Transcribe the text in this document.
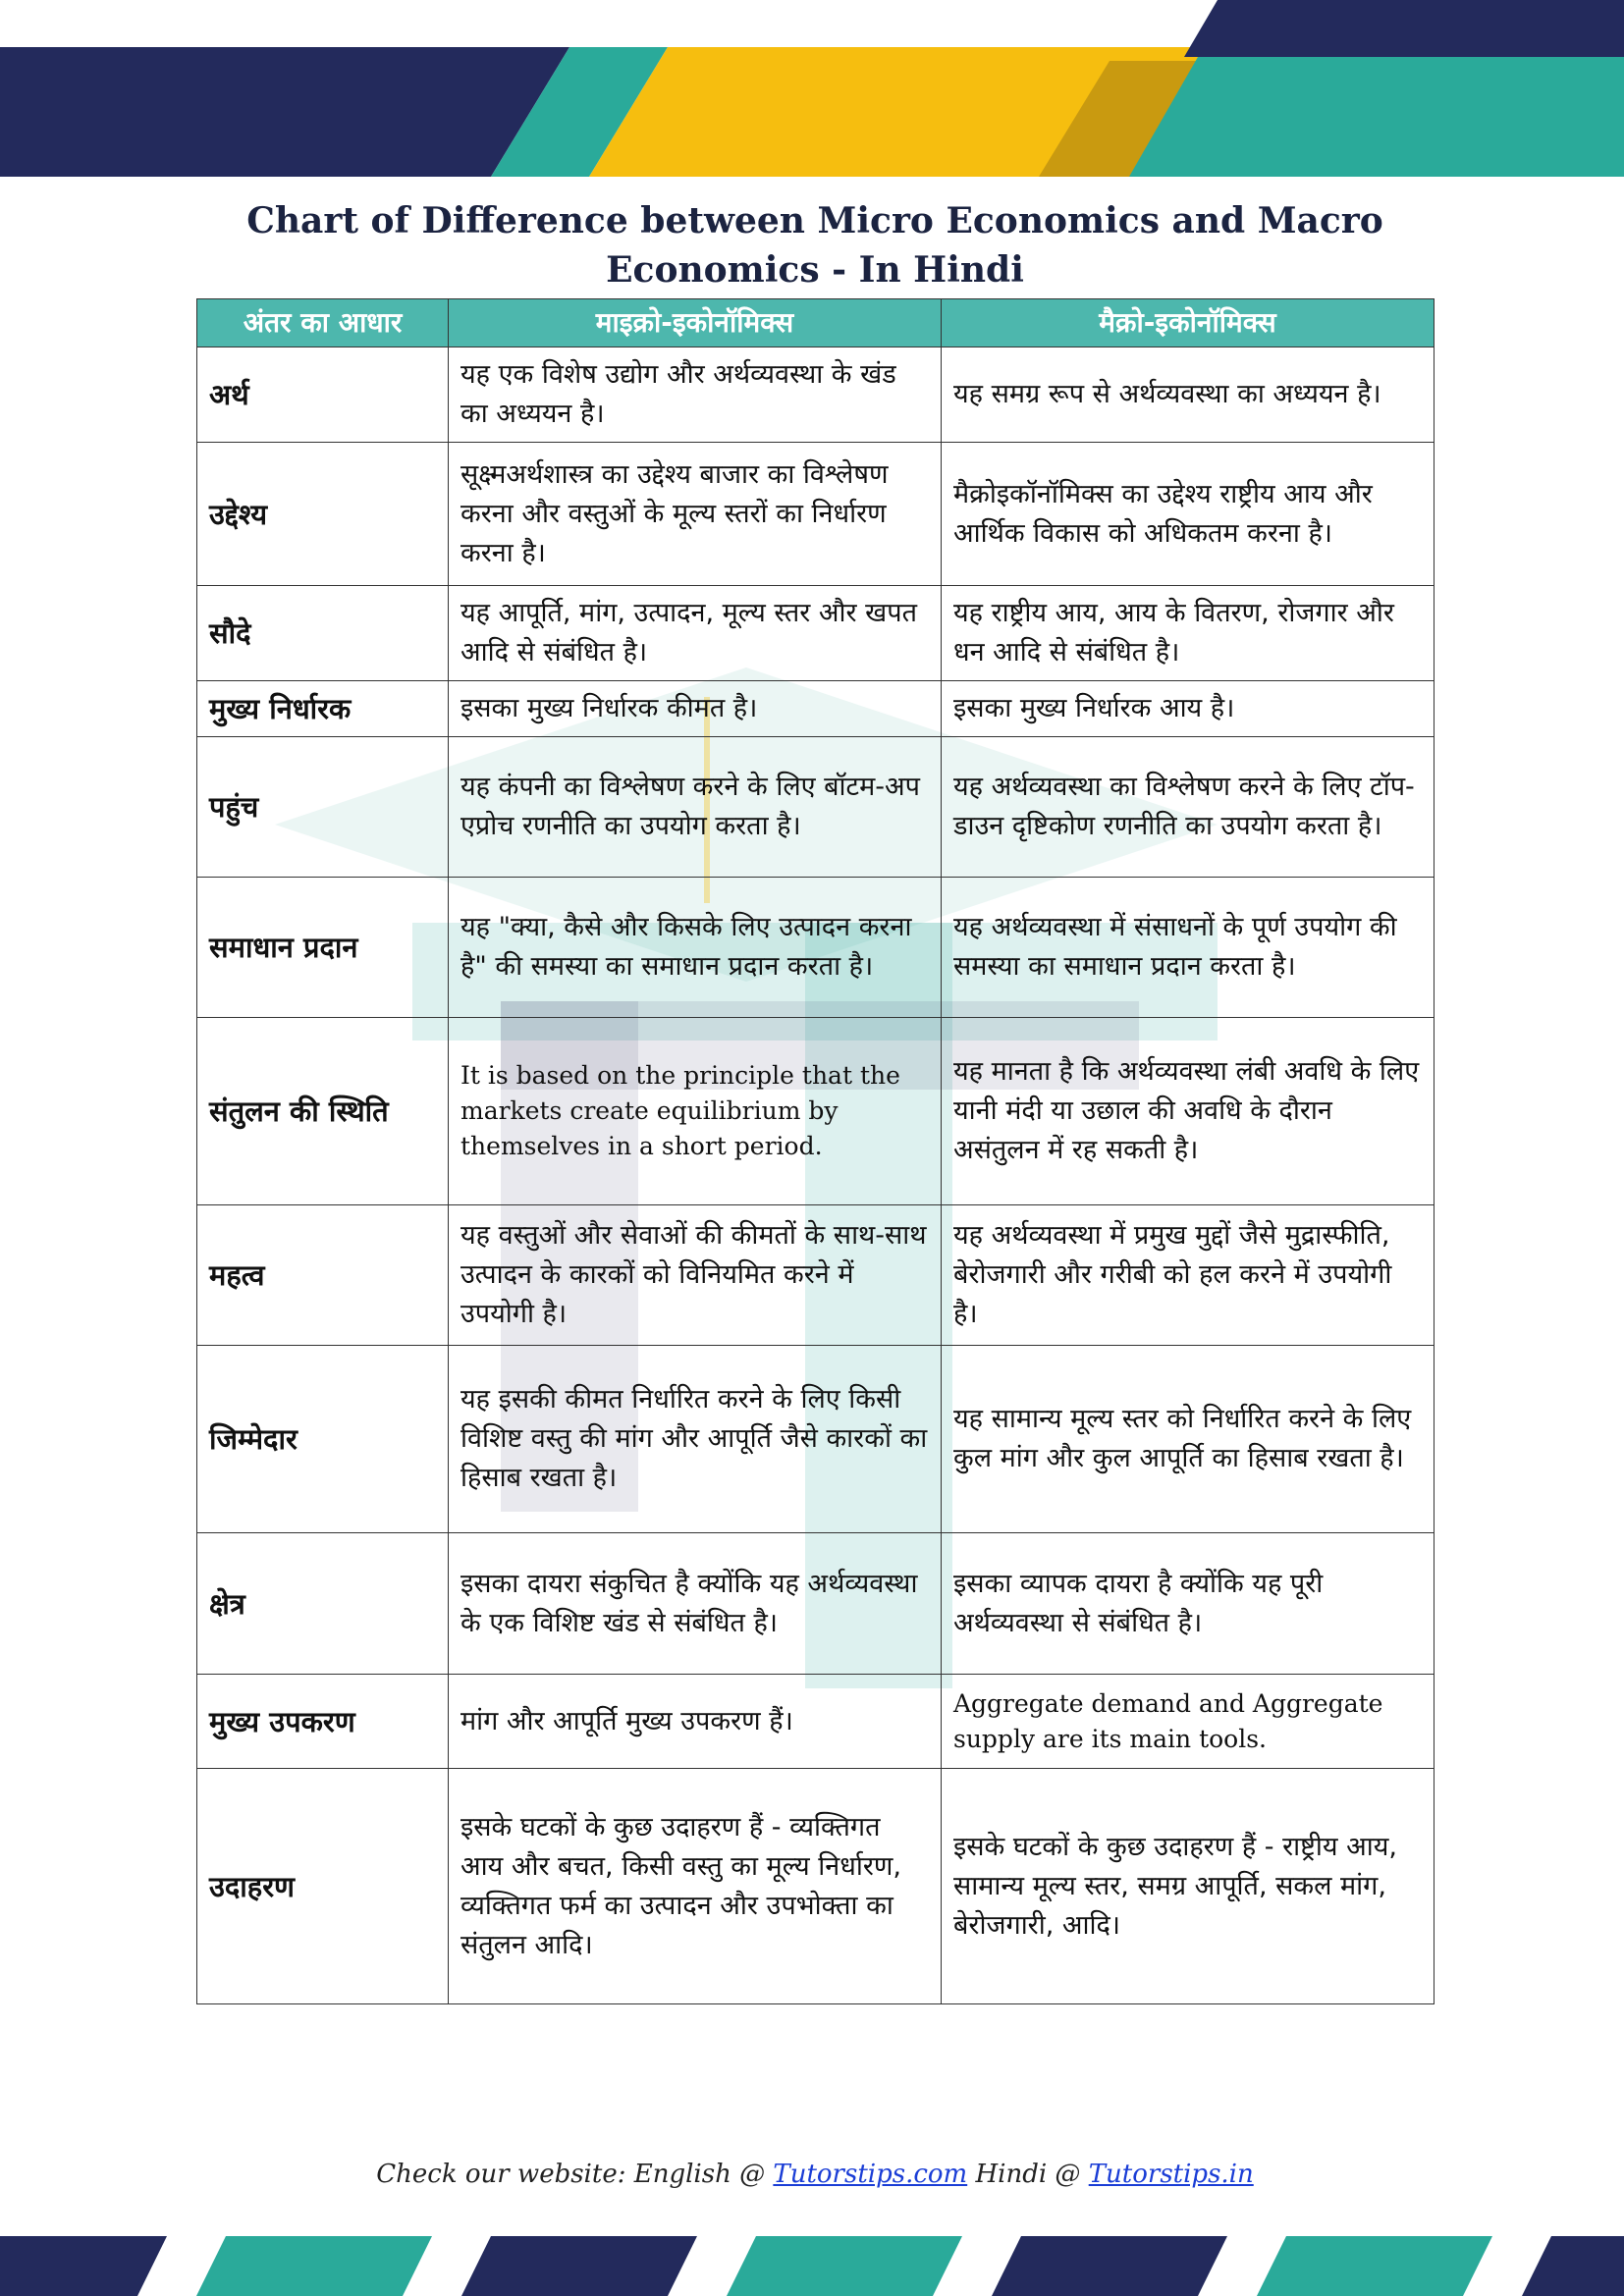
Chart of Difference between Micro Economics and Macro Economics - In Hindi
अंतर का आधार	माइक्रो-इकोनॉमिक्स	मैक्रो-इकोनॉमिक्स
अर्थ	यह एक विशेष उद्योग और अर्थव्यवस्था के खंड का अध्ययन है।	यह समग्र रूप से अर्थव्यवस्था का अध्ययन है।
उद्देश्य	सूक्ष्मअर्थशास्त्र का उद्देश्य बाजार का विश्लेषण करना और वस्तुओं के मूल्य स्तरों का निर्धारण करना है।	मैक्रोइकॉनॉमिक्स का उद्देश्य राष्ट्रीय आय और आर्थिक विकास को अधिकतम करना है।
सौदे	यह आपूर्ति, मांग, उत्पादन, मूल्य स्तर और खपत आदि से संबंधित है।	यह राष्ट्रीय आय, आय के वितरण, रोजगार और धन आदि से संबंधित है।
मुख्य निर्धारक	इसका मुख्य निर्धारक कीमत है।	इसका मुख्य निर्धारक आय है।
पहुंच	यह कंपनी का विश्लेषण करने के लिए बॉटम-अप एप्रोच रणनीति का उपयोग करता है।	यह अर्थव्यवस्था का विश्लेषण करने के लिए टॉप-डाउन दृष्टिकोण रणनीति का उपयोग करता है।
समाधान प्रदान	यह "क्या, कैसे और किसके लिए उत्पादन करना है" की समस्या का समाधान प्रदान करता है।	यह अर्थव्यवस्था में संसाधनों के पूर्ण उपयोग की समस्या का समाधान प्रदान करता है।
संतुलन की स्थिति	It is based on the principle that the markets create equilibrium by themselves in a short period.	यह मानता है कि अर्थव्यवस्था लंबी अवधि के लिए यानी मंदी या उछाल की अवधि के दौरान असंतुलन में रह सकती है।
महत्व	यह वस्तुओं और सेवाओं की कीमतों के साथ-साथ उत्पादन के कारकों को विनियमित करने में उपयोगी है।	यह अर्थव्यवस्था में प्रमुख मुद्दों जैसे मुद्रास्फीति, बेरोजगारी और गरीबी को हल करने में उपयोगी है।
जिम्मेदार	यह इसकी कीमत निर्धारित करने के लिए किसी विशिष्ट वस्तु की मांग और आपूर्ति जैसे कारकों का हिसाब रखता है।	यह सामान्य मूल्य स्तर को निर्धारित करने के लिए कुल मांग और कुल आपूर्ति का हिसाब रखता है।
क्षेत्र	इसका दायरा संकुचित है क्योंकि यह अर्थव्यवस्था के एक विशिष्ट खंड से संबंधित है।	इसका व्यापक दायरा है क्योंकि यह पूरी अर्थव्यवस्था से संबंधित है।
मुख्य उपकरण	मांग और आपूर्ति मुख्य उपकरण हैं।	Aggregate demand and Aggregate supply are its main tools.
उदाहरण	इसके घटकों के कुछ उदाहरण हैं - व्यक्तिगत आय और बचत, किसी वस्तु का मूल्य निर्धारण, व्यक्तिगत फर्म का उत्पादन और उपभोक्ता का संतुलन आदि।	इसके घटकों के कुछ उदाहरण हैं - राष्ट्रीय आय, सामान्य मूल्य स्तर, समग्र आपूर्ति, सकल मांग, बेरोजगारी, आदि।
Check our website: English @ Tutorstips.com Hindi @ Tutorstips.in
